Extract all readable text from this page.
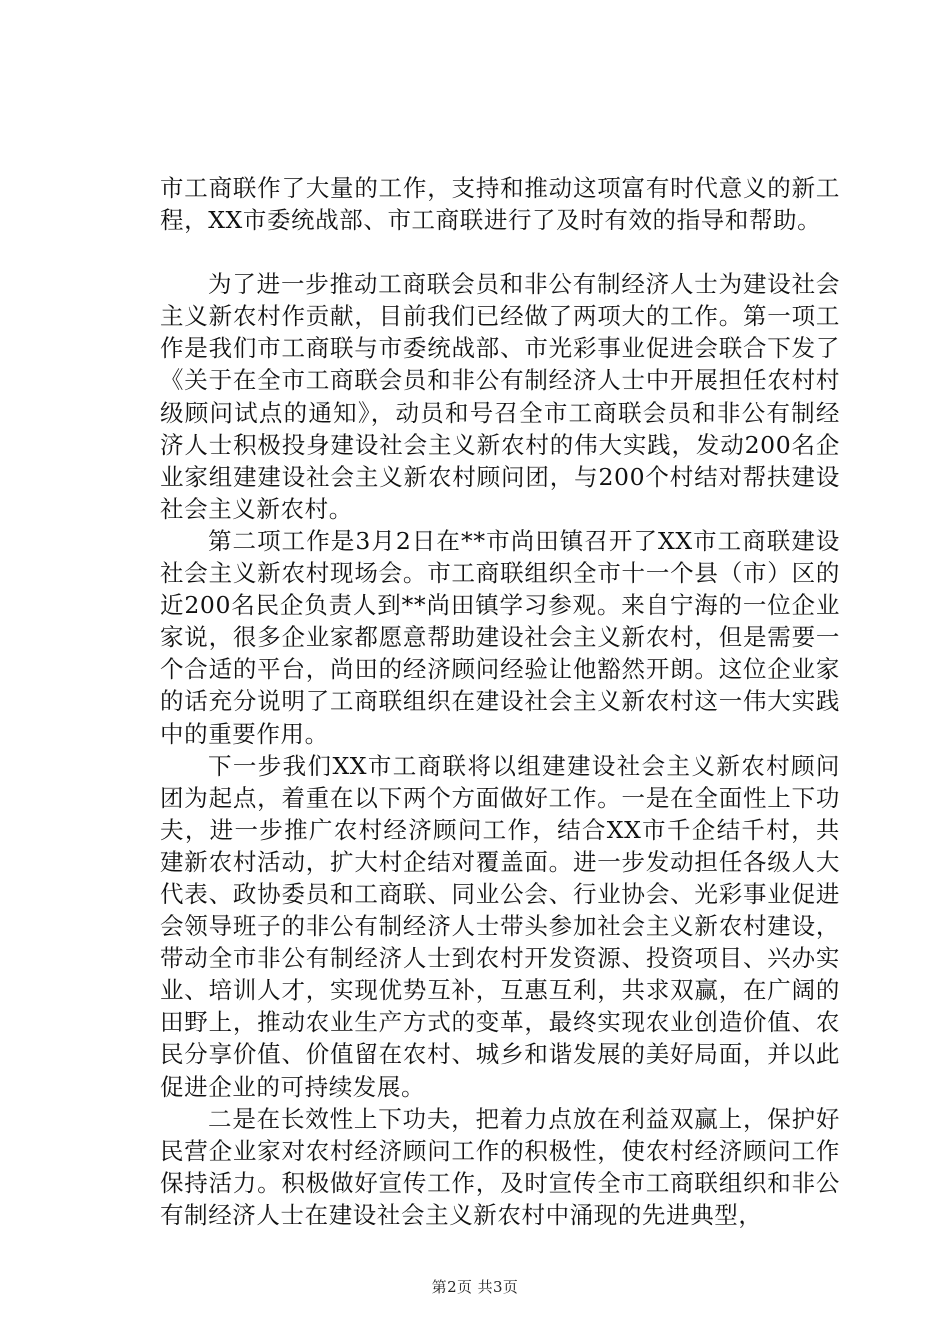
市工商联作了大量的工作，支持和推动这项富有时代意义的新工程，XX市委统战部、市工商联进行了及时有效的指导和帮助。

为了进一步推动工商联会员和非公有制经济人士为建设社会主义新农村作贡献，目前我们已经做了两项大的工作。第一项工作是我们市工商联与市委统战部、市光彩事业促进会联合下发了《关于在全市工商联会员和非公有制经济人士中开展担任农村村级顾问试点的通知》，动员和号召全市工商联会员和非公有制经济人士积极投身建设社会主义新农村的伟大实践，发动200名企业家组建建设社会主义新农村顾问团，与200个村结对帮扶建设社会主义新农村。

第二项工作是3月2日在**市尚田镇召开了XX市工商联建设社会主义新农村现场会。市工商联组织全市十一个县（市）区的近200名民企负责人到**尚田镇学习参观。来自宁海的一位企业家说，很多企业家都愿意帮助建设社会主义新农村，但是需要一个合适的平台，尚田的经济顾问经验让他豁然开朗。这位企业家的话充分说明了工商联组织在建设社会主义新农村这一伟大实践中的重要作用。

下一步我们XX市工商联将以组建建设社会主义新农村顾问团为起点，着重在以下两个方面做好工作。一是在全面性上下功夫，进一步推广农村经济顾问工作，结合XX市千企结千村，共建新农村活动，扩大村企结对覆盖面。进一步发动担任各级人大代表、政协委员和工商联、同业公会、行业协会、光彩事业促进会领导班子的非公有制经济人士带头参加社会主义新农村建设，带动全市非公有制经济人士到农村开发资源、投资项目、兴办实业、培训人才，实现优势互补，互惠互利，共求双赢，在广阔的田野上，推动农业生产方式的变革，最终实现农业创造价值、农民分享价值、价值留在农村、城乡和谐发展的美好局面，并以此促进企业的可持续发展。

二是在长效性上下功夫，把着力点放在利益双赢上，保护好民营企业家对农村经济顾问工作的积极性，使农村经济顾问工作保持活力。积极做好宣传工作，及时宣传全市工商联组织和非公有制经济人士在建设社会主义新农村中涌现的先进典型，

第2页 共3页
